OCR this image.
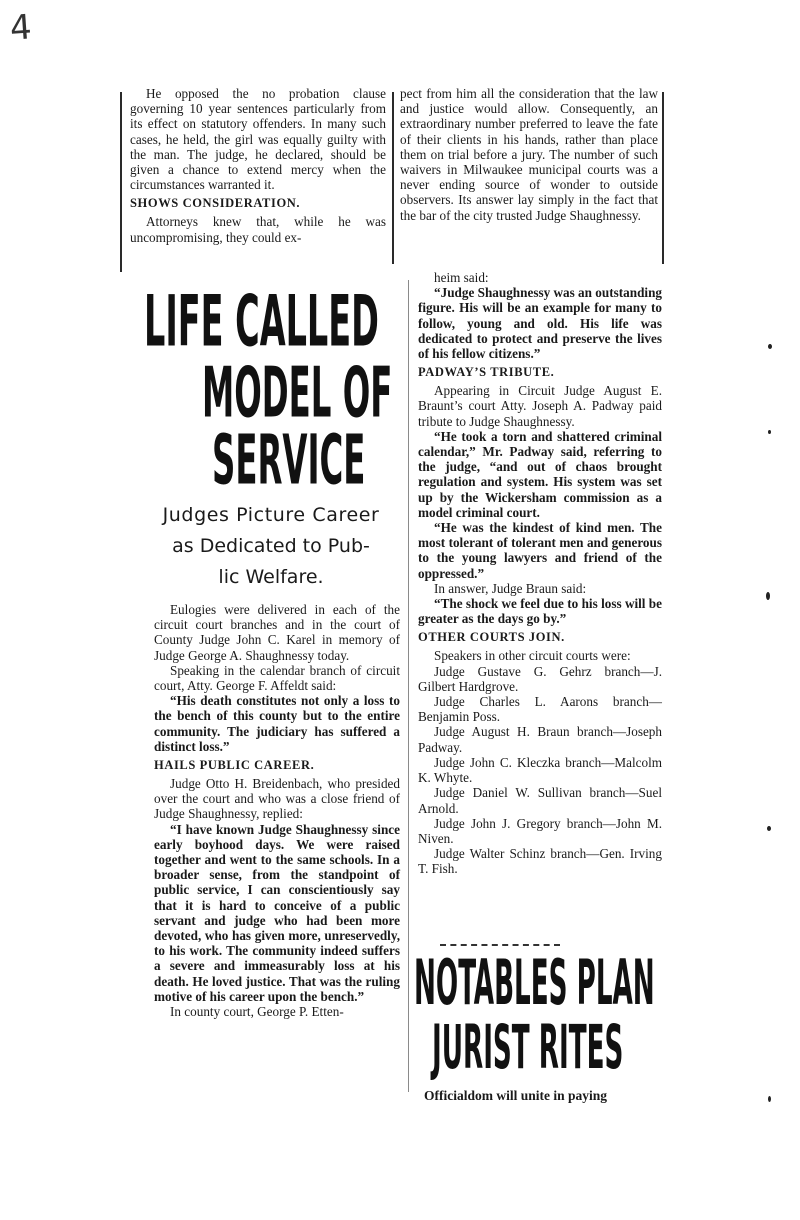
4

He opposed the no probation clause governing 10 year sentences particularly from its effect on statutory offenders. In many such cases, he held, the girl was equally guilty with the man. The judge, he declared, should be given a chance to extend mercy when the circumstances warranted it.

SHOWS CONSIDERATION.

Attorneys knew that, while he was uncompromising, they could ex-

pect from him all the consideration that the law and justice would allow. Consequently, an extraordinary number preferred to leave the fate of their clients in his hands, rather than place them on trial before a jury. The number of such waivers in Milwaukee municipal courts was a never ending source of wonder to outside observers. Its answer lay simply in the fact that the bar of the city trusted Judge Shaughnessy.

LIFE CALLED
MODEL OF
SERVICE
Judges Picture Career
as Dedicated to Pub-
lic Welfare.

Eulogies were delivered in each of the circuit court branches and in the court of County Judge John C. Karel in memory of Judge George A. Shaughnessy today.

Speaking in the calendar branch of circuit court, Atty. George F. Affeldt said:

“His death constitutes not only a loss to the bench of this county but to the entire community. The judiciary has suffered a distinct loss.”

HAILS PUBLIC CAREER.

Judge Otto H. Breidenbach, who presided over the court and who was a close friend of Judge Shaughnessy, replied:

“I have known Judge Shaughnessy since early boyhood days. We were raised together and went to the same schools. In a broader sense, from the standpoint of public service, I can conscientiously say that it is hard to conceive of a public servant and judge who had been more devoted, who has given more, unreservedly, to his work. The community indeed suffers a severe and immeasurably loss at his death. He loved justice. That was the ruling motive of his career upon the bench.”

In county court, George P. Etten-

heim said:

“Judge Shaughnessy was an outstanding figure. His will be an example for many to follow, young and old. His life was dedicated to protect and preserve the lives of his fellow citizens.”

PADWAY’S TRIBUTE.

Appearing in Circuit Judge August E. Braunt’s court Atty. Joseph A. Padway paid tribute to Judge Shaughnessy.

“He took a torn and shattered criminal calendar,” Mr. Padway said, referring to the judge, “and out of chaos brought regulation and system. His system was set up by the Wickersham commission as a model criminal court.

“He was the kindest of kind men. The most tolerant of tolerant men and generous to the young lawyers and friend of the oppressed.”

In answer, Judge Braun said:

“The shock we feel due to his loss will be greater as the days go by.”

OTHER COURTS JOIN.

Speakers in other circuit courts were:

Judge Gustave G. Gehrz branch—J. Gilbert Hardgrove.

Judge Charles L. Aarons branch—Benjamin Poss.

Judge August H. Braun branch—Joseph Padway.

Judge John C. Kleczka branch—Malcolm K. Whyte.

Judge Daniel W. Sullivan branch—Suel Arnold.

Judge John J. Gregory branch—John M. Niven.

Judge Walter Schinz branch—Gen. Irving T. Fish.

NOTABLES PLAN
JURIST RITES

Officialdom will unite in paying
